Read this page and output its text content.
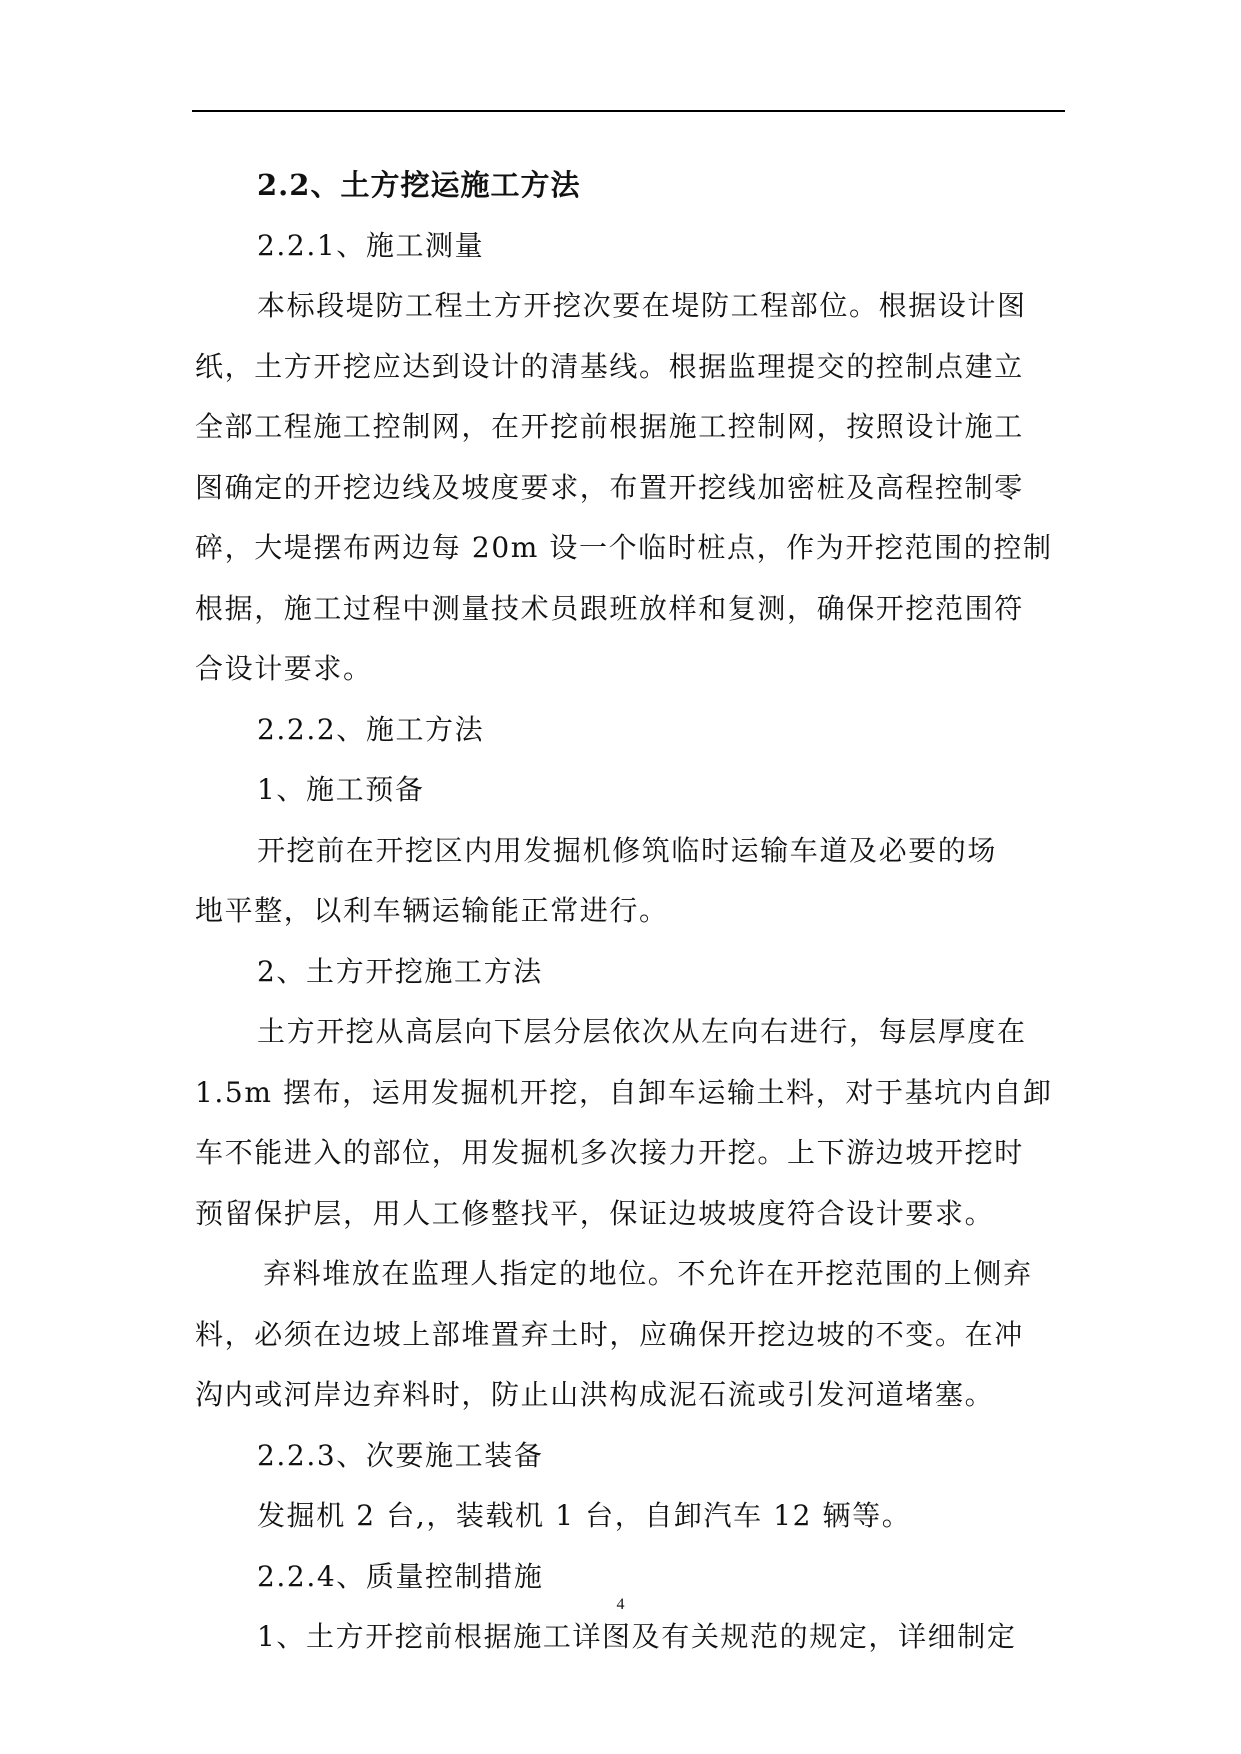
2.2、土方挖运施工方法
2.2.1、施工测量
本标段堤防工程土方开挖次要在堤防工程部位。根据设计图
纸，土方开挖应达到设计的清基线。根据监理提交的控制点建立
全部工程施工控制网，在开挖前根据施工控制网，按照设计施工
图确定的开挖边线及坡度要求，布置开挖线加密桩及高程控制零
碎，大堤摆布两边每 20m 设一个临时桩点，作为开挖范围的控制
根据，施工过程中测量技术员跟班放样和复测，确保开挖范围符
合设计要求。
2.2.2、施工方法
1、施工预备
开挖前在开挖区内用发掘机修筑临时运输车道及必要的场
地平整，以利车辆运输能正常进行。
2、土方开挖施工方法
土方开挖从高层向下层分层依次从左向右进行，每层厚度在
1.5m 摆布，运用发掘机开挖，自卸车运输土料，对于基坑内自卸
车不能进入的部位，用发掘机多次接力开挖。上下游边坡开挖时
预留保护层，用人工修整找平，保证边坡坡度符合设计要求。
弃料堆放在监理人指定的地位。不允许在开挖范围的上侧弃
料，必须在边坡上部堆置弃土时，应确保开挖边坡的不变。在冲
沟内或河岸边弃料时，防止山洪构成泥石流或引发河道堵塞。
2.2.3、次要施工装备
发掘机 2 台,，装载机 1 台，自卸汽车 12 辆等。
2.2.4、质量控制措施
1、土方开挖前根据施工详图及有关规范的规定，详细制定
4
